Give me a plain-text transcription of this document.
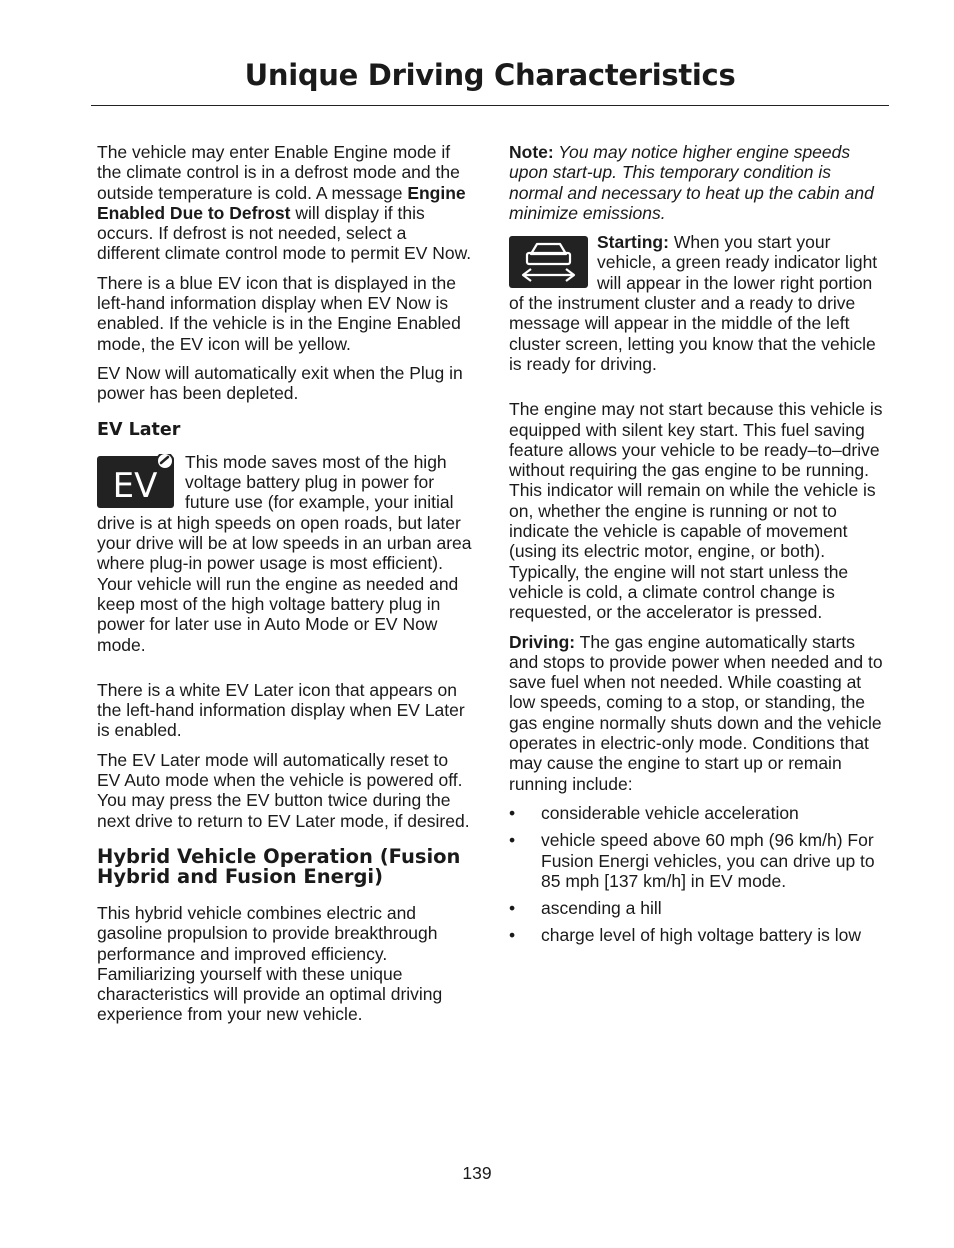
Unique Driving Characteristics

The vehicle may enter Enable Engine mode if the climate control is in a defrost mode and the outside temperature is cold. A message Engine Enabled Due to Defrost will display if this occurs. If defrost is not needed, select a different climate control mode to permit EV Now.

There is a blue EV icon that is displayed in the left-hand information display when EV Now is enabled. If the vehicle is in the Engine Enabled mode, the EV icon will be yellow.

EV Now will automatically exit when the Plug in power has been depleted.

EV Later
EV

This mode saves most of the high voltage battery plug in power for future use (for example, your initial drive is at high speeds on open roads, but later your drive will be at low speeds in an urban area where plug-in power usage is most efficient). Your vehicle will run the engine as needed and keep most of the high voltage battery plug in power for later use in Auto Mode or EV Now mode.

There is a white EV Later icon that appears on the left-hand information display when EV Later is enabled.

The EV Later mode will automatically reset to EV Auto mode when the vehicle is powered off. You may press the EV button twice during the next drive to return to EV Later mode, if desired.

Hybrid Vehicle Operation (Fusion Hybrid and Fusion Energi)

This hybrid vehicle combines electric and gasoline propulsion to provide breakthrough performance and improved efficiency. Familiarizing yourself with these unique characteristics will provide an optimal driving experience from your new vehicle.

Note: You may notice higher engine speeds upon start-up. This temporary condition is normal and necessary to heat up the cabin and minimize emissions.

Starting: When you start your vehicle, a green ready indicator light will appear in the lower right portion of the instrument cluster and a ready to drive message will appear in the middle of the left cluster screen, letting you know that the vehicle is ready for driving.

The engine may not start because this vehicle is equipped with silent key start. This fuel saving feature allows your vehicle to be ready–to–drive without requiring the gas engine to be running. This indicator will remain on while the vehicle is on, whether the engine is running or not to indicate the vehicle is capable of movement (using its electric motor, engine, or both). Typically, the engine will not start unless the vehicle is cold, a climate control change is requested, or the accelerator is pressed.

Driving: The gas engine automatically starts and stops to provide power when needed and to save fuel when not needed. While coasting at low speeds, coming to a stop, or standing, the gas engine normally shuts down and the vehicle operates in electric-only mode. Conditions that may cause the engine to start up or remain running include:

• considerable vehicle acceleration
• vehicle speed above 60 mph (96 km/h) For Fusion Energi vehicles, you can drive up to 85 mph [137 km/h] in EV mode.
• ascending a hill
• charge level of high voltage battery is low
139
